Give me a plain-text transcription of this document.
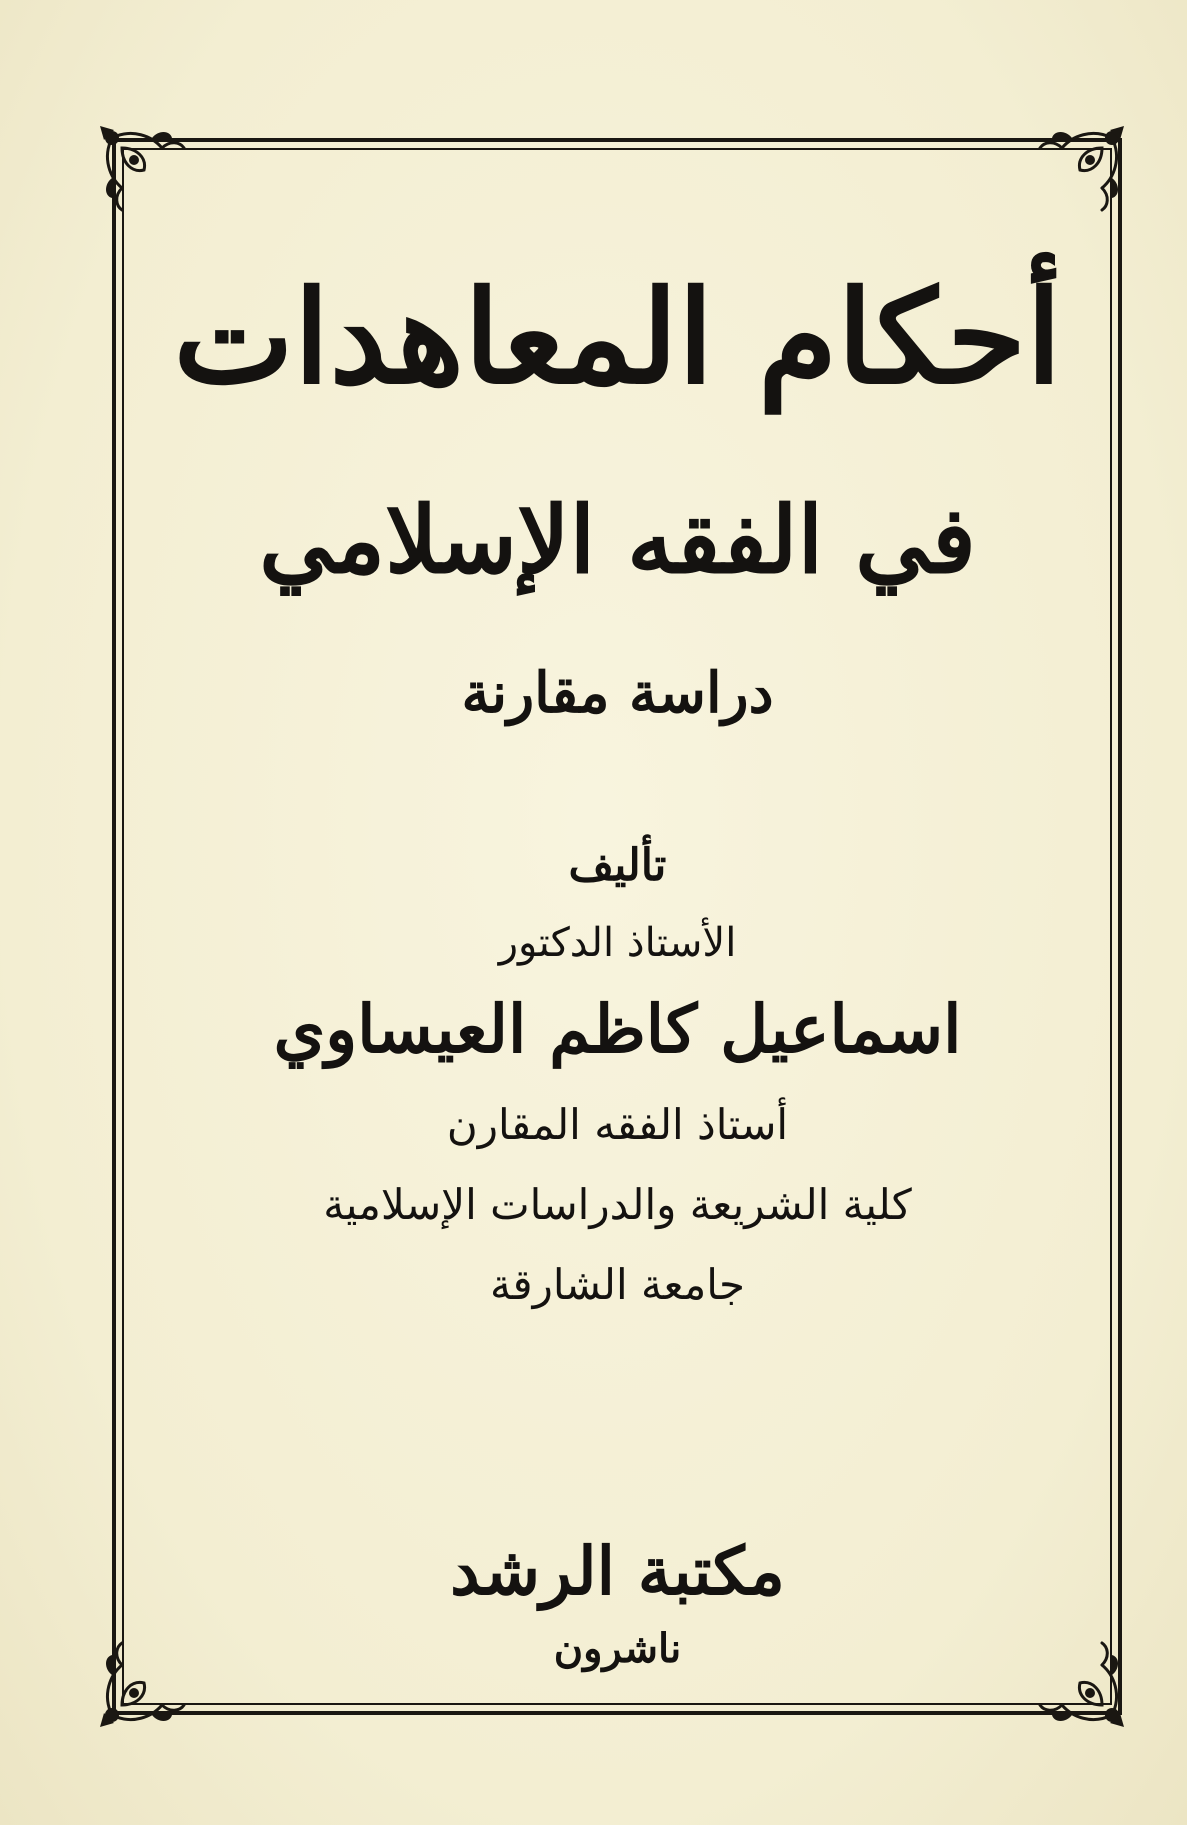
أحكام المعاهدات
في الفقه الإسلامي
دراسة مقارنة
تأليف
الأستاذ الدكتور
اسماعيل كاظم العيساوي
أستاذ الفقه المقارن
كلية الشريعة والدراسات الإسلامية
جامعة الشارقة
مكتبة الرشد
ناشرون
